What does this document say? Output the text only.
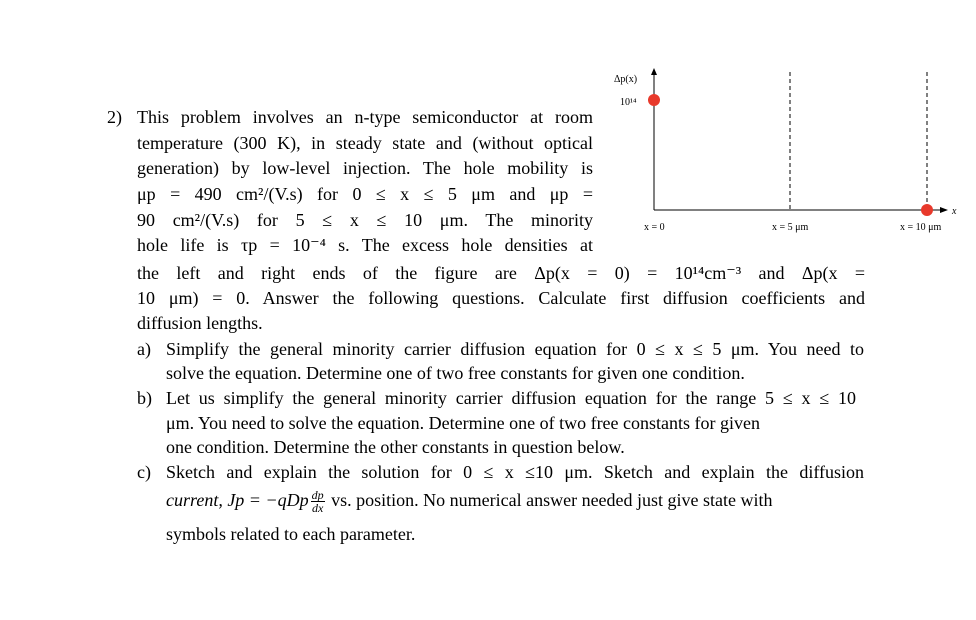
2) This problem involves an n-type semiconductor at room
temperature (300 K), in steady state and (without optical
generation) by low-level injection. The hole mobility is
μp = 490 cm²/(V.s) for 0 ≤ x ≤ 5 μm and μp =
90 cm²/(V.s) for 5 ≤ x ≤ 10 μm. The minority
hole life is τp = 10⁻⁴ s. The excess hole densities at
the left and right ends of the figure are Δp(x = 0) = 10¹⁴cm⁻³ and Δp(x =
10 μm) = 0. Answer the following questions. Calculate first diffusion coefficients and
diffusion lengths.
a) Simplify the general minority carrier diffusion equation for 0 ≤ x ≤ 5 μm. You need to
solve the equation. Determine one of two free constants for given one condition.
b) Let us simplify the general minority carrier diffusion equation for the range 5 ≤ x ≤ 10
μm. You need to solve the equation. Determine one of two free constants for given
one condition. Determine the other constants in question below.
c) Sketch and explain the solution for 0 ≤ x ≤10 μm. Sketch and explain the diffusion
current, $Jp = -qDp \frac{dp}{dx}$ vs. position. No numerical answer needed just give state with
symbols related to each parameter.
Δp(x)
10¹⁴
x
x = 0	x = 5 μm	x = 10 μm
